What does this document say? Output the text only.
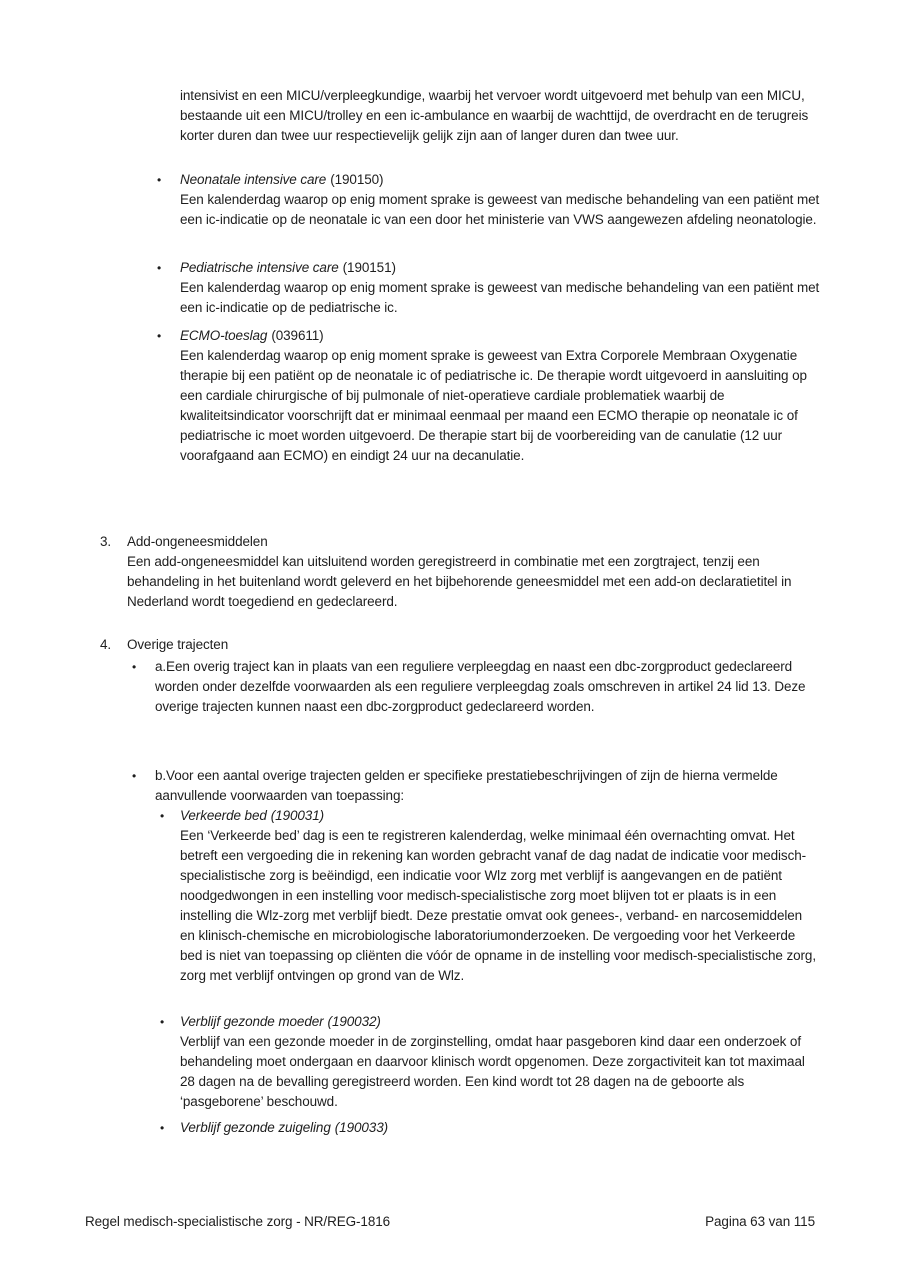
intensivist en een MICU/verpleegkundige, waarbij het vervoer wordt uitgevoerd met behulp van een MICU, bestaande uit een MICU/trolley en een ic-ambulance en waarbij de wachttijd, de overdracht en de terugreis korter duren dan twee uur respectievelijk gelijk zijn aan of langer duren dan twee uur.

• Neonatale intensive care (190150)

Een kalenderdag waarop op enig moment sprake is geweest van medische behandeling van een patiënt met een ic-indicatie op de neonatale ic van een door het ministerie van VWS aangewezen afdeling neonatologie.

• Pediatrische intensive care (190151)

Een kalenderdag waarop op enig moment sprake is geweest van medische behandeling van een patiënt met een ic-indicatie op de pediatrische ic.

• ECMO-toeslag (039611)

Een kalenderdag waarop op enig moment sprake is geweest van Extra Corporele Membraan Oxygenatie therapie bij een patiënt op de neonatale ic of pediatrische ic. De therapie wordt uitgevoerd in aansluiting op een cardiale chirurgische of bij pulmonale of niet-operatieve cardiale problematiek waarbij de kwaliteitsindicator voorschrijft dat er minimaal eenmaal per maand een ECMO therapie op neonatale ic of pediatrische ic moet worden uitgevoerd. De therapie start bij de voorbereiding van de canulatie (12 uur voorafgaand aan ECMO) en eindigt 24 uur na decanulatie.

3. Add-ongeneesmiddelen

Een add-ongeneesmiddel kan uitsluitend worden geregistreerd in combinatie met een zorgtraject, tenzij een behandeling in het buitenland wordt geleverd en het bijbehorende geneesmiddel met een add-on declaratietitel in Nederland wordt toegediend en gedeclareerd.

4. Overige trajecten

• a.Een overig traject kan in plaats van een reguliere verpleegdag en naast een dbc-zorgproduct gedeclareerd worden onder dezelfde voorwaarden als een reguliere verpleegdag zoals omschreven in artikel 24 lid 13. Deze overige trajecten kunnen naast een dbc-zorgproduct gedeclareerd worden.

• b.Voor een aantal overige trajecten gelden er specifieke prestatiebeschrijvingen of zijn de hierna vermelde aanvullende voorwaarden van toepassing:

• Verkeerde bed (190031)

Een ‘Verkeerde bed’ dag is een te registreren kalenderdag, welke minimaal één overnachting omvat. Het betreft een vergoeding die in rekening kan worden gebracht vanaf de dag nadat de indicatie voor medisch-specialistische zorg is beëindigd, een indicatie voor Wlz zorg met verblijf is aangevangen en de patiënt noodgedwongen in een instelling voor medisch-specialistische zorg moet blijven tot er plaats is in een instelling die Wlz-zorg met verblijf biedt. Deze prestatie omvat ook genees-, verband- en narcosemiddelen en klinisch-chemische en microbiologische laboratoriumonderzoeken. De vergoeding voor het Verkeerde bed is niet van toepassing op cliënten die vóór de opname in de instelling voor medisch-specialistische zorg, zorg met verblijf ontvingen op grond van de Wlz.

• Verblijf gezonde moeder (190032)

Verblijf van een gezonde moeder in de zorginstelling, omdat haar pasgeboren kind daar een onderzoek of behandeling moet ondergaan en daarvoor klinisch wordt opgenomen. Deze zorgactiviteit kan tot maximaal 28 dagen na de bevalling geregistreerd worden. Een kind wordt tot 28 dagen na de geboorte als ‘pasgeborene’ beschouwd.

• Verblijf gezonde zuigeling (190033)

Regel medisch-specialistische zorg - NR/REG-1816	Pagina 63 van 115
